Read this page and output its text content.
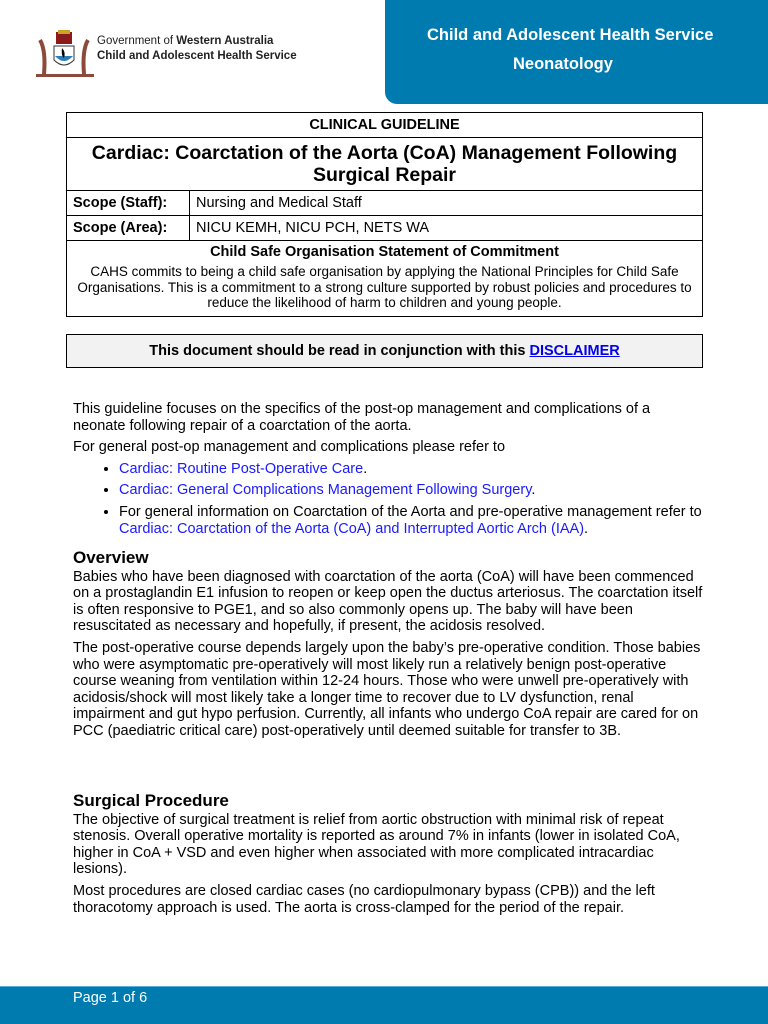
Government of Western Australia
Child and Adolescent Health Service
Child and Adolescent Health Service
Neonatology
CLINICAL GUIDELINE	
Cardiac: Coarctation of the Aorta (CoA) Management Following Surgical Repair	
Scope (Staff):	Nursing and Medical Staff
Scope (Area):	NICU KEMH, NICU PCH, NETS WA

Child Safe Organisation Statement of Commitment
CAHS commits to being a child safe organisation by applying the National Principles for Child Safe Organisations. This is a commitment to a strong culture supported by robust policies and procedures to reduce the likelihood of harm to children and young people.	
This document should be read in conjunction with this DISCLAIMER

This guideline focuses on the specifics of the post-op management and complications of a neonate following repair of a coarctation of the aorta.

For general post-op management and complications please refer to

• Cardiac: Routine Post-Operative Care.
• Cardiac: General Complications Management Following Surgery.
• For general information on Coarctation of the Aorta and pre-operative management refer to Cardiac: Coarctation of the Aorta (CoA) and Interrupted Aortic Arch (IAA).
Overview

Babies who have been diagnosed with coarctation of the aorta (CoA) will have been commenced on a prostaglandin E1 infusion to reopen or keep open the ductus arteriosus. The coarctation itself is often responsive to PGE1, and so also commonly opens up. The baby will have been resuscitated as necessary and hopefully, if present, the acidosis resolved.

The post-operative course depends largely upon the baby’s pre-operative condition. Those babies who were asymptomatic pre-operatively will most likely run a relatively benign post-operative course weaning from ventilation within 12-24 hours. Those who were unwell pre-operatively with acidosis/shock will most likely take a longer time to recover due to LV dysfunction, renal impairment and gut hypo perfusion. Currently, all infants who undergo CoA repair are cared for on PCC (paediatric critical care) post-operatively until deemed suitable for transfer to 3B.

Surgical Procedure

The objective of surgical treatment is relief from aortic obstruction with minimal risk of repeat stenosis. Overall operative mortality is reported as around 7% in infants (lower in isolated CoA, higher in CoA + VSD and even higher when associated with more complicated intracardiac lesions).

Most procedures are closed cardiac cases (no cardiopulmonary bypass (CPB)) and the left thoracotomy approach is used. The aorta is cross-clamped for the period of the repair.

Page 1 of 6
